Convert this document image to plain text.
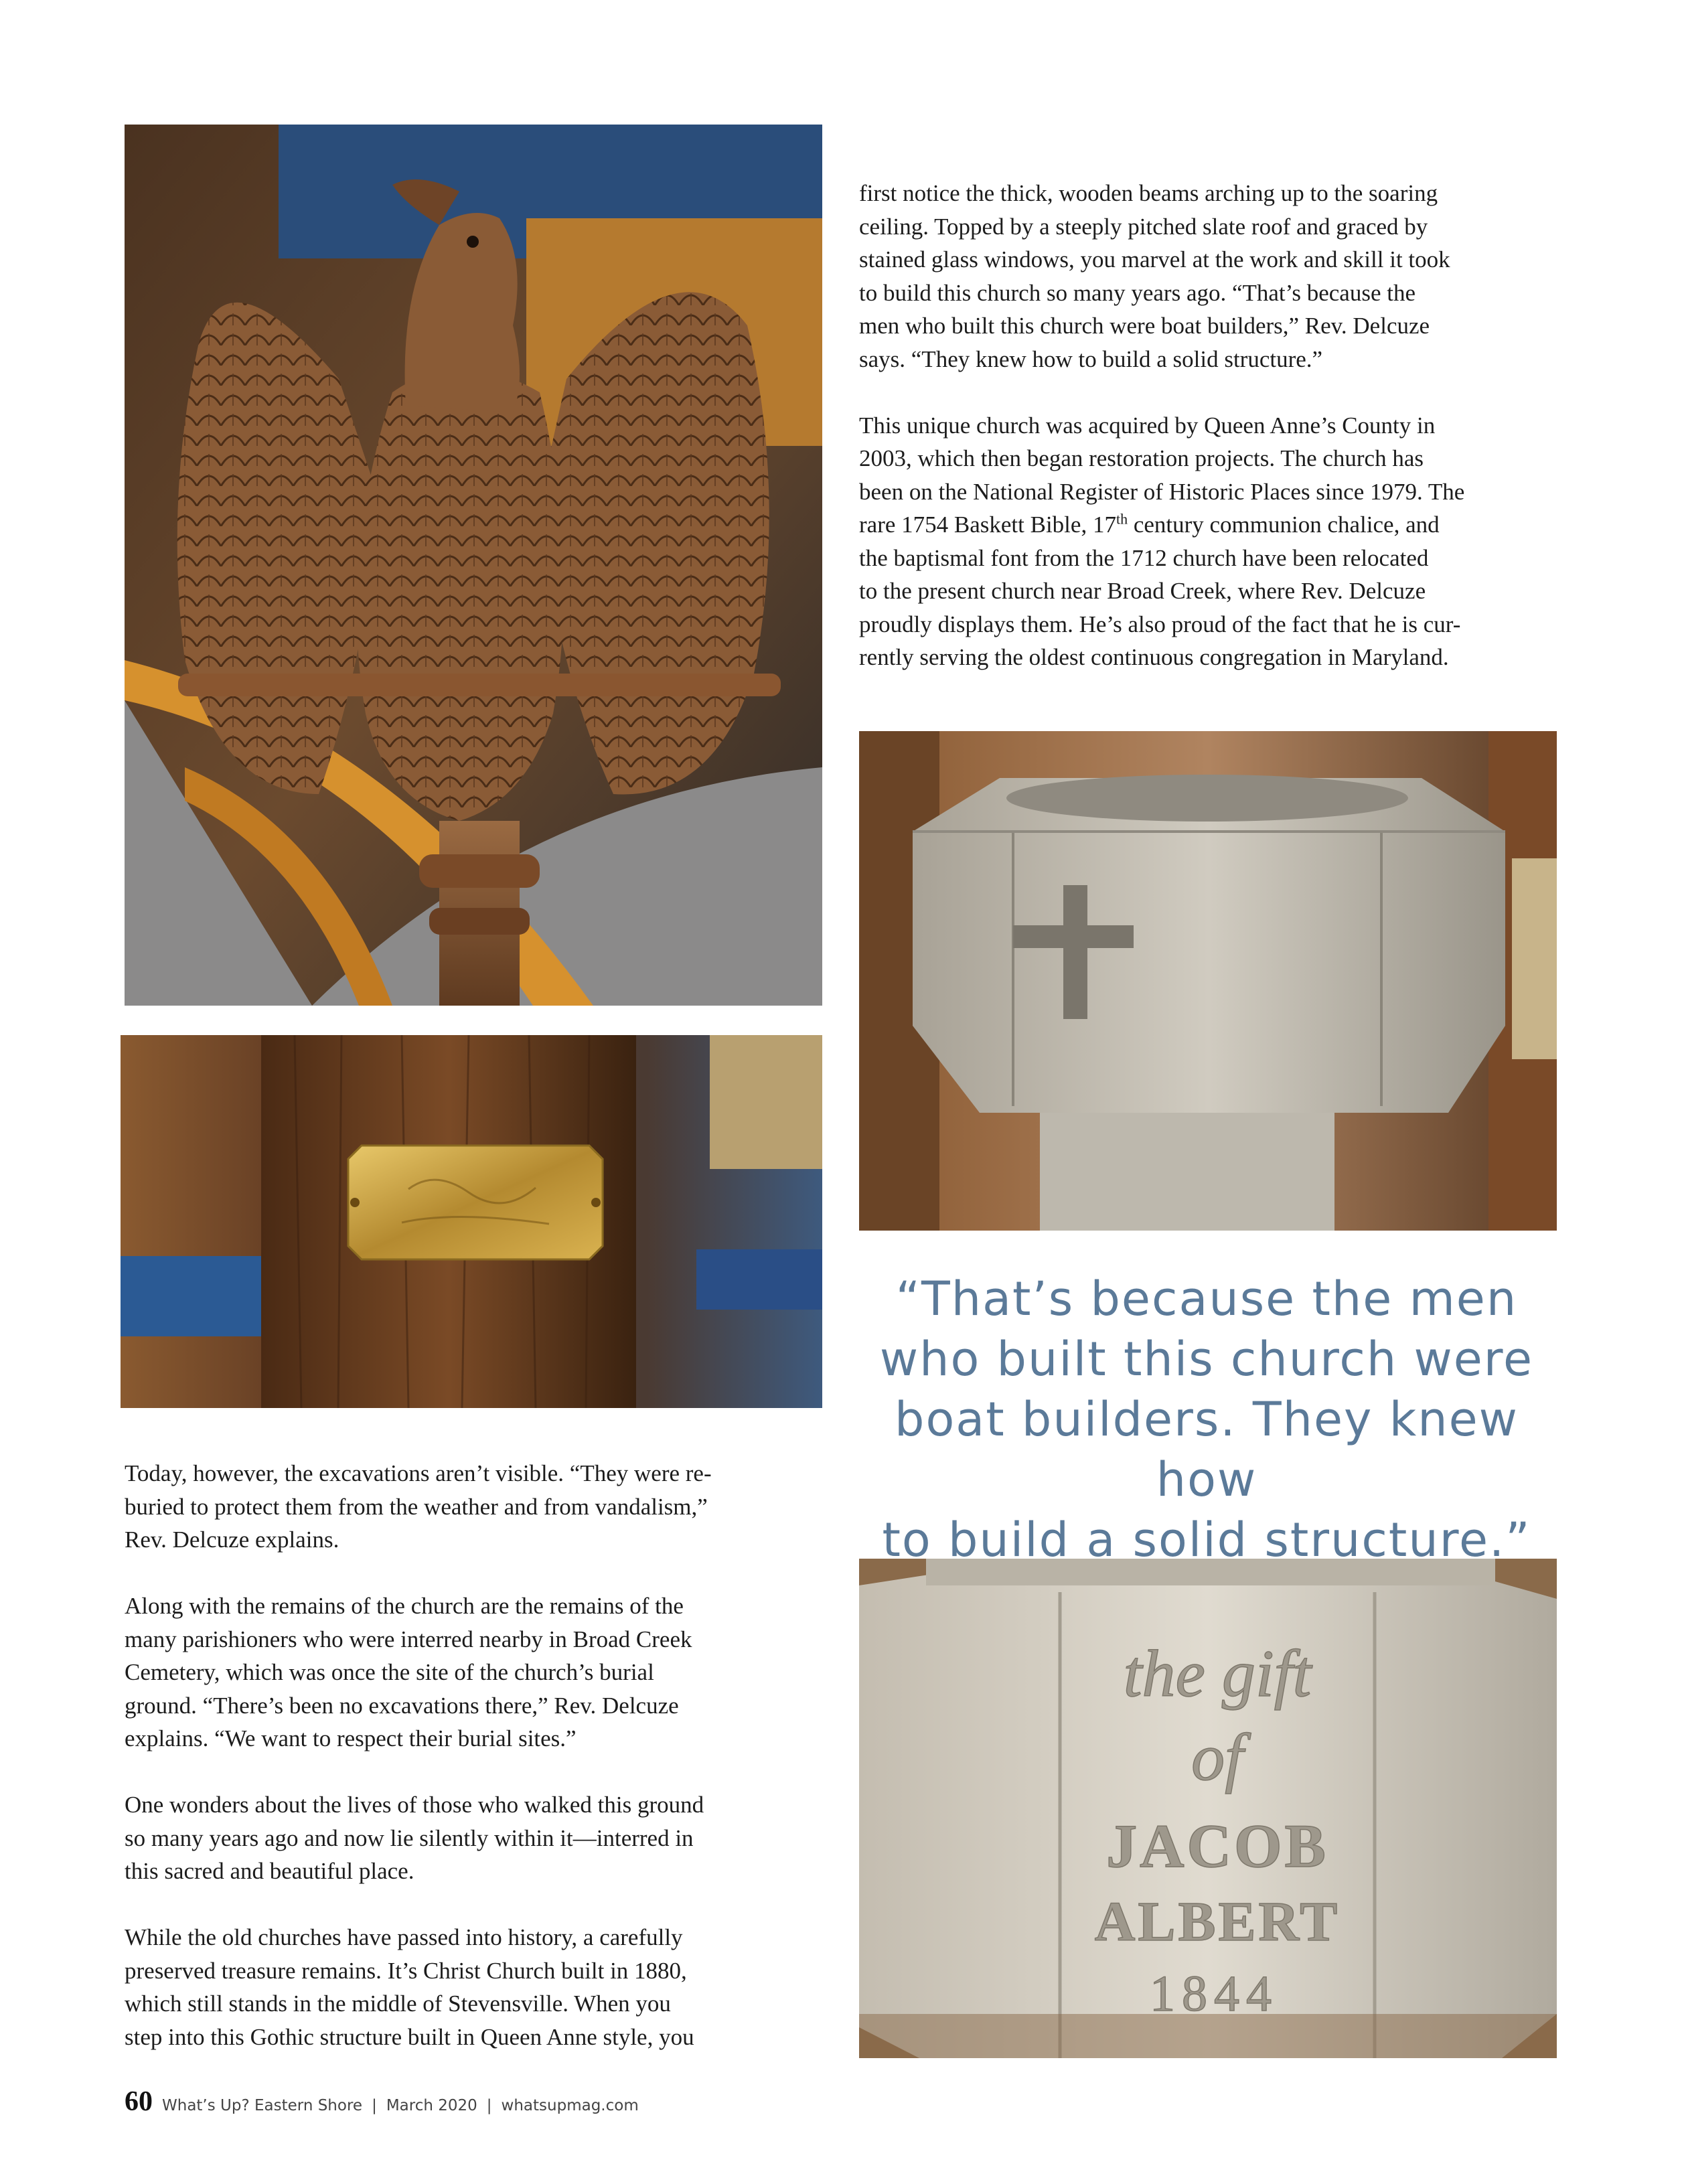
the gift
of
JACOB
ALBERT
1844

first notice the thick, wooden beams arching up to the soaring
ceiling. Topped by a steeply pitched slate roof and graced by
stained glass windows, you marvel at the work and skill it took
to build this church so many years ago. “That’s because the
men who built this church were boat builders,” Rev. Delcuze
says. “They knew how to build a solid structure.”

This unique church was acquired by Queen Anne’s County in
2003, which then began restoration projects. The church has
been on the National Register of Historic Places since 1979. The
rare 1754 Baskett Bible, 17th century communion chalice, and
the baptismal font from the 1712 church have been relocated
to the present church near Broad Creek, where Rev. Delcuze
proudly displays them. He’s also proud of the fact that he is cur-
rently serving the oldest continuous congregation in Maryland.

“That’s because the men
who built this church were
boat builders. They knew how
to build a solid structure.”

Today, however, the excavations aren’t visible. “They were re-
buried to protect them from the weather and from vandalism,”
Rev. Delcuze explains.

Along with the remains of the church are the remains of the
many parishioners who were interred nearby in Broad Creek
Cemetery, which was once the site of the church’s burial
ground. “There’s been no excavations there,” Rev. Delcuze
explains. “We want to respect their burial sites.”

One wonders about the lives of those who walked this ground
so many years ago and now lie silently within it—interred in
this sacred and beautiful place.

While the old churches have passed into history, a carefully
preserved treasure remains. It’s Christ Church built in 1880,
which still stands in the middle of Stevensville. When you
step into this Gothic structure built in Queen Anne style, you

60 What’s Up? Eastern Shore | March 2020 | whatsupmag.com
